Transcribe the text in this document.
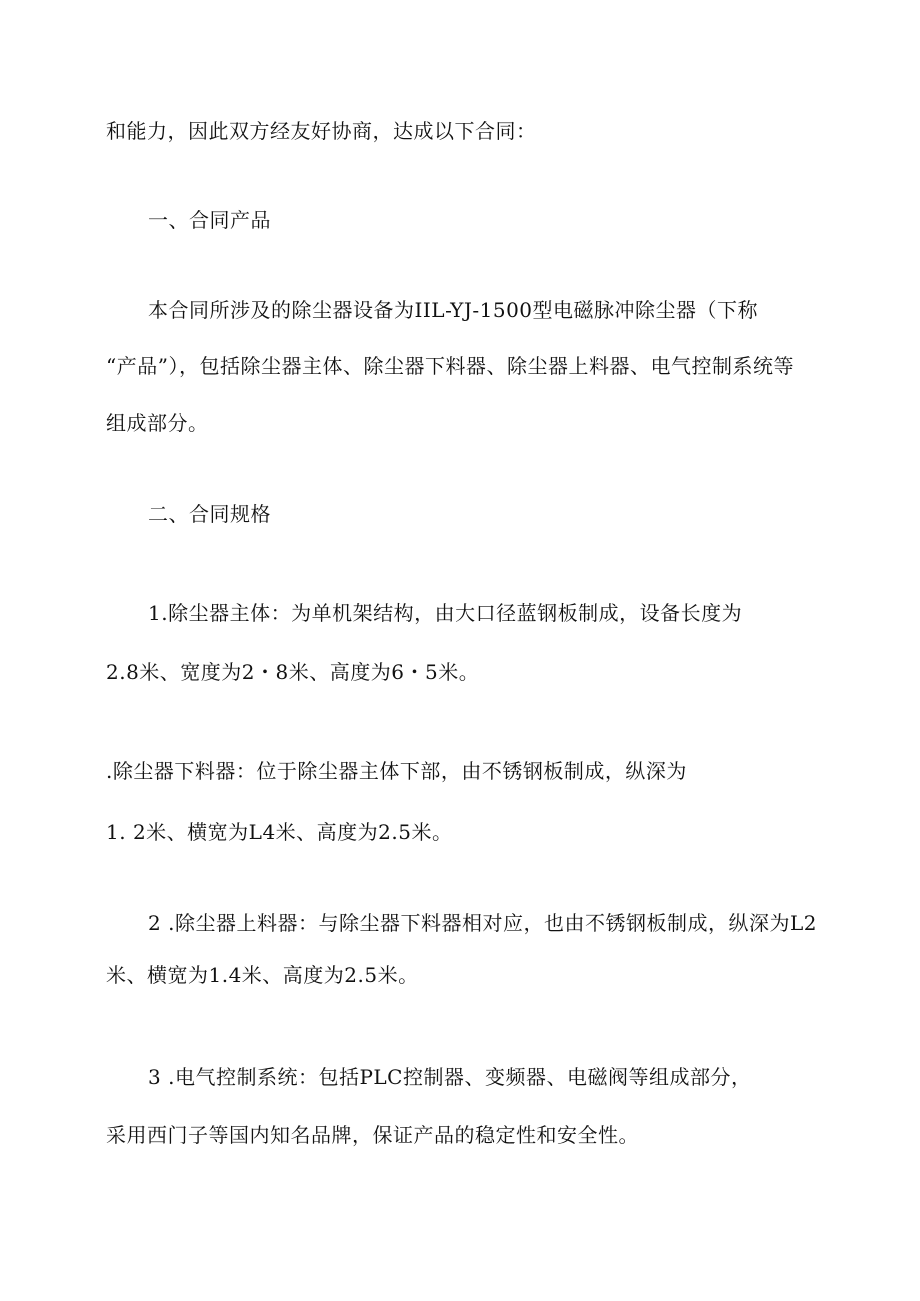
和能力，因此双方经友好协商，达成以下合同：
一、合同产品
本合同所涉及的除尘器设备为IIL-YJ-1500型电磁脉冲除尘器（下称
“产品”），包括除尘器主体、除尘器下料器、除尘器上料器、电气控制系统等
组成部分。
二、合同规格
1.除尘器主体：为单机架结构，由大口径蓝钢板制成，设备长度为
2.8米、宽度为2・8米、高度为6・5米。
.除尘器下料器：位于除尘器主体下部，由不锈钢板制成，纵深为
1. 2米、横宽为L4米、高度为2.5米。
2 .除尘器上料器：与除尘器下料器相对应，也由不锈钢板制成，纵深为L2
米、横宽为1.4米、高度为2.5米。
3 .电气控制系统：包括PLC控制器、变频器、电磁阀等组成部分，
采用西门子等国内知名品牌，保证产品的稳定性和安全性。
